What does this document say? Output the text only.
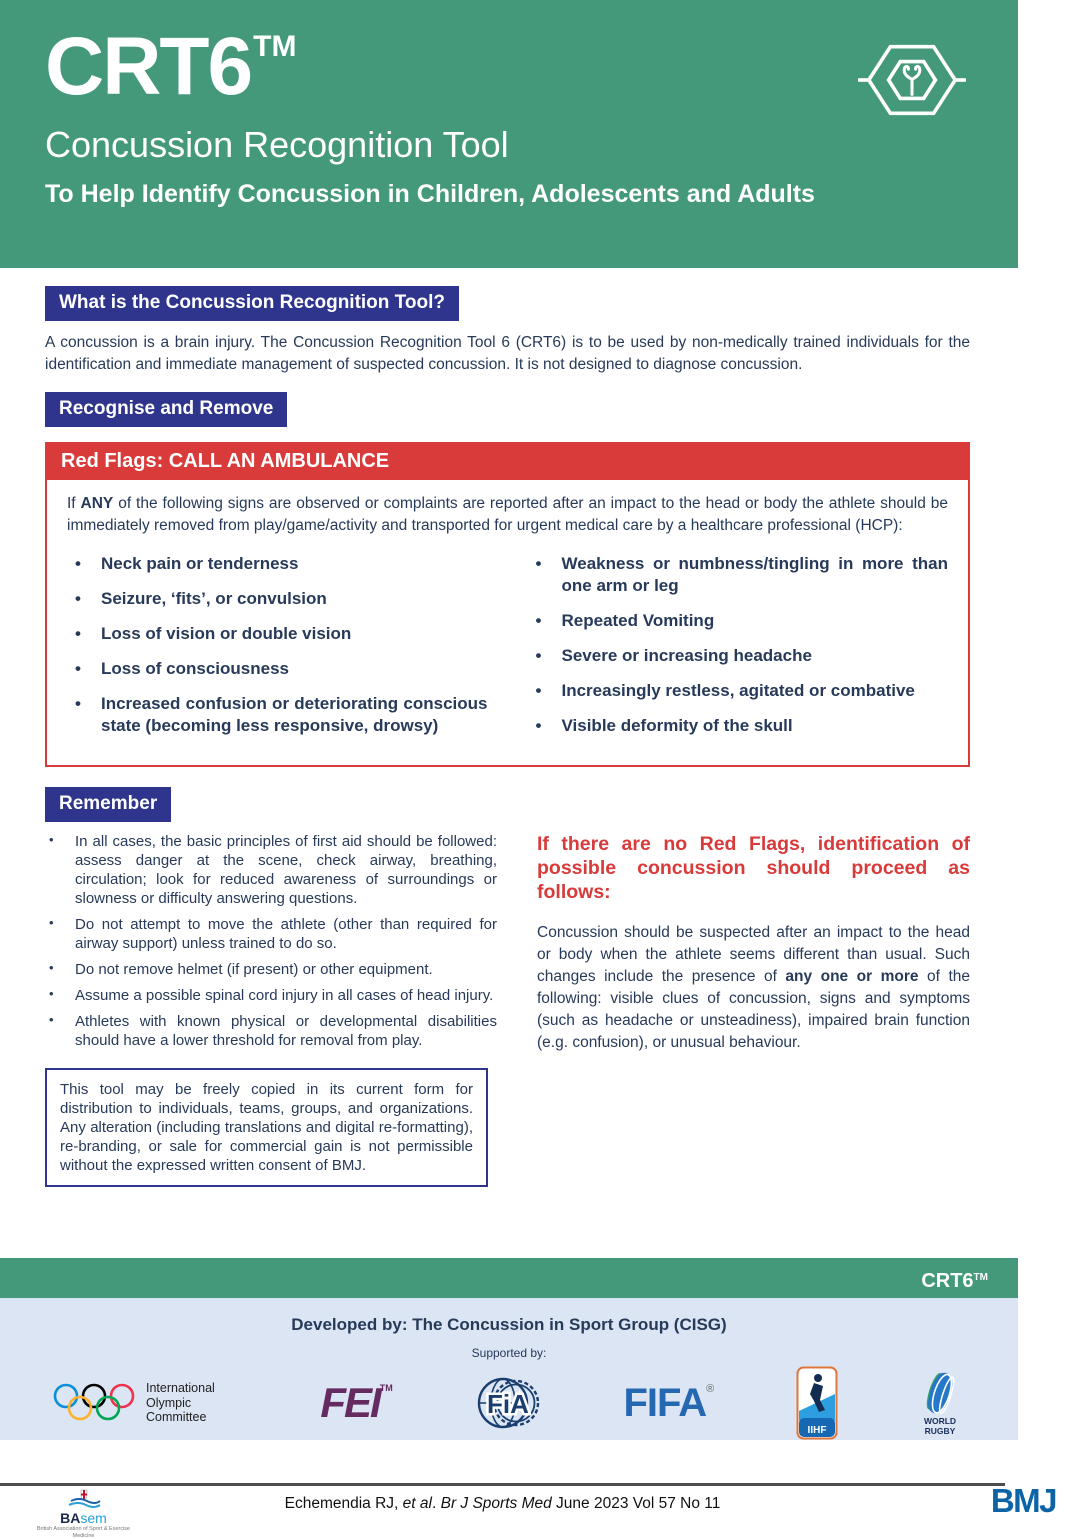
CRT6™
Concussion Recognition Tool
To Help Identify Concussion in Children, Adolescents and Adults
What is the Concussion Recognition Tool?

A concussion is a brain injury. The Concussion Recognition Tool 6 (CRT6) is to be used by non-medically trained individuals for the identification and immediate management of suspected concussion. It is not designed to diagnose concussion.

Recognise and Remove
Red Flags: CALL AN AMBULANCE

If ANY of the following signs are observed or complaints are reported after an impact to the head or body the athlete should be immediately removed from play/game/activity and transported for urgent medical care by a healthcare professional (HCP):

• Neck pain or tenderness
• Seizure, ‘fits’, or convulsion
• Loss of vision or double vision
• Loss of consciousness
• Increased confusion or deteriorating conscious state (becoming less responsive, drowsy)
• Weakness or numbness/tingling in more than one arm or leg
• Repeated Vomiting
• Severe or increasing headache
• Increasingly restless, agitated or combative
• Visible deformity of the skull
Remember
• In all cases, the basic principles of first aid should be followed: assess danger at the scene, check airway, breathing, circulation; look for reduced awareness of surroundings or slowness or difficulty answering questions.
• Do not attempt to move the athlete (other than required for airway support) unless trained to do so.
• Do not remove helmet (if present) or other equipment.
• Assume a possible spinal cord injury in all cases of head injury.
• Athletes with known physical or developmental disabilities should have a lower threshold for removal from play.
This tool may be freely copied in its current form for distribution to individuals, teams, groups, and organizations. Any alteration (including translations and digital re-formatting), re-branding, or sale for commercial gain is not permissible without the expressed written consent of BMJ.
If there are no Red Flags, identification of possible concussion should proceed as follows:

Concussion should be suspected after an impact to the head or body when the athlete seems different than usual. Such changes include the presence of any one or more of the following: visible clues of concussion, signs and symptoms (such as headache or unsteadiness), impaired brain function (e.g. confusion), or unusual behaviour.

CRT6™
Developed by: The Concussion in Sport Group (CISG)
Supported by:
International Olympic Committee	FEI™
FiA FIFA®
IIHF
WORLD
RUGBY
BAsem
British Association of Sport & Exercise Medicine
Echemendia RJ, et al. Br J Sports Med June 2023 Vol 57 No 11	BMJ
